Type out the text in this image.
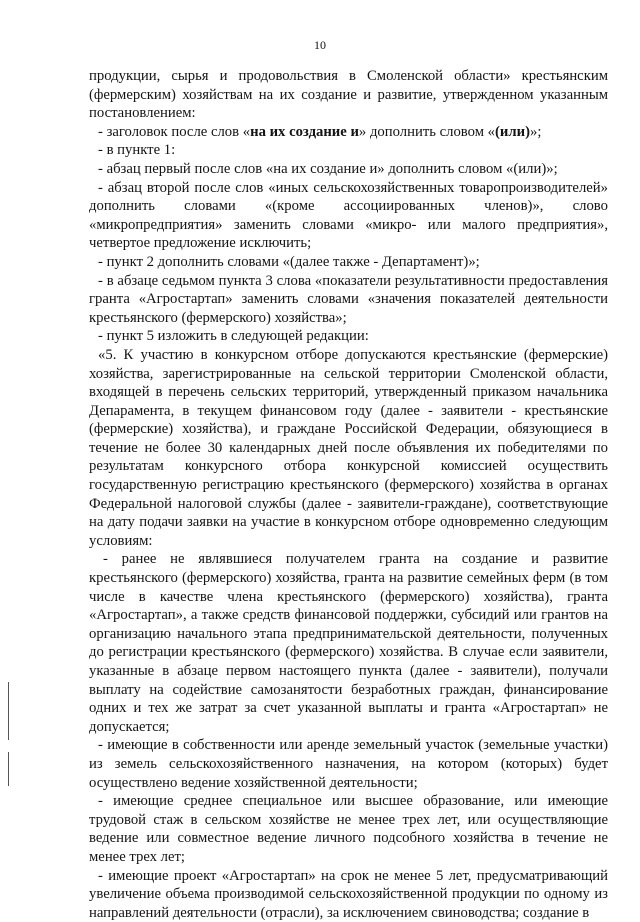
10

продукции, сырья и продовольствия в Смоленской области» крестьянским (фермерским) хозяйствам на их создание и развитие, утвержденном указанным постановлением:

- заголовок после слов «на их создание и» дополнить словом «(или)»;

- в пункте 1:

- абзац первый после слов «на их создание и» дополнить словом «(или)»;

- абзац второй после слов «иных сельскохозяйственных товаропроизводителей» дополнить словами «(кроме ассоциированных членов)», слово «микропредприятия» заменить словами «микро- или малого предприятия», четвертое предложение исключить;

- пункт 2 дополнить словами «(далее также - Департамент)»;

- в абзаце седьмом пункта 3 слова «показатели результативности предоставления гранта «Агростартап» заменить словами «значения показателей деятельности крестьянского (фермерского) хозяйства»;

- пункт 5 изложить в следующей редакции:

«5. К участию в конкурсном отборе допускаются крестьянские (фермерские) хозяйства, зарегистрированные на сельской территории Смоленской области, входящей в перечень сельских территорий, утвержденный приказом начальника Депараментa, в текущем финансовом году (далее - заявители - крестьянские (фермерские) хозяйства), и граждане Российской Федерации, обязующиеся в течение не более 30 календарных дней после объявления их победителями по результатам конкурсного отбора конкурсной комиссией осуществить государственную регистрацию крестьянского (фермерского) хозяйства в органах Федеральной налоговой службы (далее - заявители-граждане), соответствующие на дату подачи заявки на участие в конкурсном отборе одновременно следующим условиям:

- ранее не являвшиеся получателем гранта на создание и развитие крестьянского (фермерского) хозяйства, гранта на развитие семейных ферм (в том числе в качестве члена крестьянского (фермерского) хозяйства), гранта «Агростартап», а также средств финансовой поддержки, субсидий или грантов на организацию начального этапа предпринимательской деятельности, полученных до регистрации крестьянского (фермерского) хозяйства. В случае если заявители, указанные в абзаце первом настоящего пункта (далее - заявители), получали выплату на содействие самозанятости безработных граждан, финансирование одних и тех же затрат за счет указанной выплаты и гранта «Агростартап» не допускается;

- имеющие в собственности или аренде земельный участок (земельные участки) из земель сельскохозяйственного назначения, на котором (которых) будет осуществлено ведение хозяйственной деятельности;

- имеющие среднее специальное или высшее образование, или имеющие трудовой стаж в сельском хозяйстве не менее трех лет, или осуществляющие ведение или совместное ведение личного подсобного хозяйства в течение не менее трех лет;

- имеющие проект «Агростартап» на срок не менее 5 лет, предусматривающий увеличение объема производимой сельскохозяйственной продукции по одному из направлений деятельности (отрасли), за исключением свиноводства; создание в
